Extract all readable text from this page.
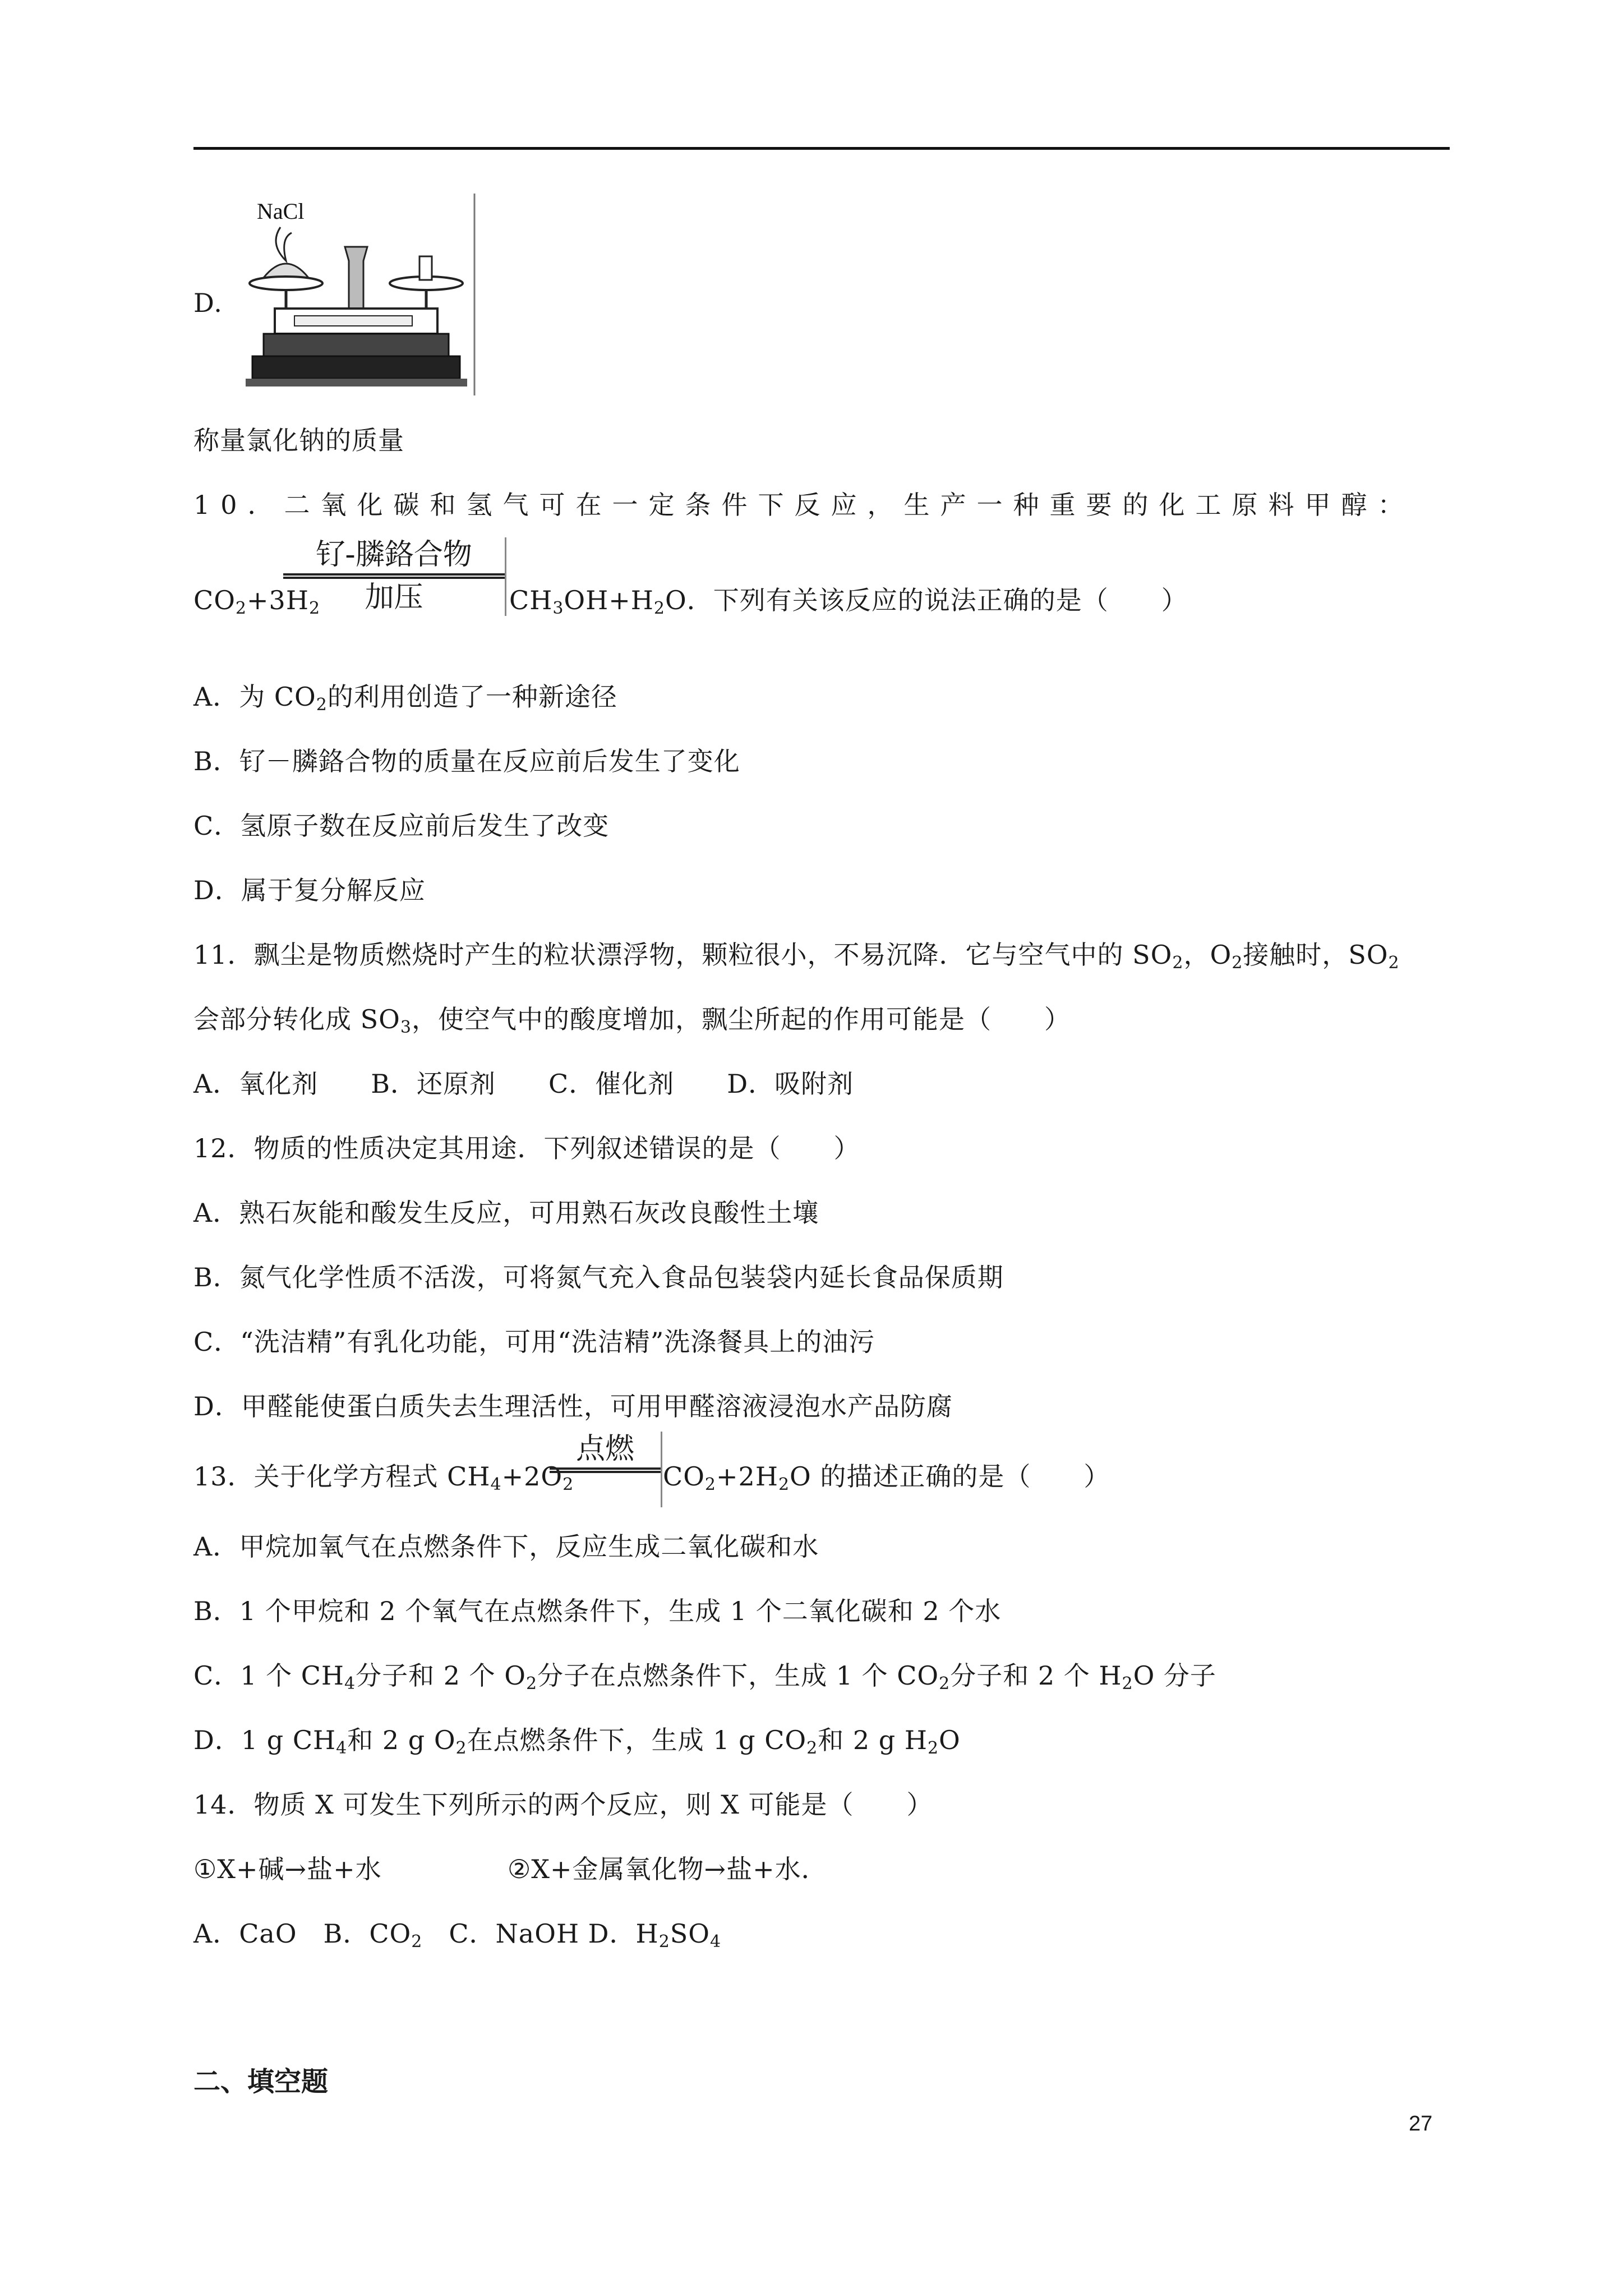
D.
NaCl
称量氯化钠的质量
10．二氧化碳和氢气可在一定条件下反应，生产一种重要的化工原料甲醇：
$CO_2+3H_2$
钌-膦鉻合物
加压	$CH_3OH+H_2O$．下列有关该反应的说法正确的是（　　）
A．为 $CO_2$的利用创造了一种新途径
B．钌－膦鉻合物的质量在反应前后发生了变化
C．氢原子数在反应前后发生了改变
D．属于复分解反应
11．飘尘是物质燃烧时产生的粒状漂浮物，颗粒很小，不易沉降．它与空气中的 $SO_2$，$O_2$接触时，$SO_2$
会部分转化成 $SO_3$，使空气中的酸度增加，飘尘所起的作用可能是（　　）
A．氧化剂　　B．还原剂　　C．催化剂　　D．吸附剂
12．物质的性质决定其用途．下列叙述错误的是（　　）
A．熟石灰能和酸发生反应，可用熟石灰改良酸性土壤
B．氮气化学性质不活泼，可将氮气充入食品包装袋内延长食品保质期
C．“洗洁精”有乳化功能，可用“洗洁精”洗涤餐具上的油污
D．甲醛能使蛋白质失去生理活性，可用甲醛溶液浸泡水产品防腐
13．关于化学方程式 $CH_4+2O_2$
点燃
$CO_2+2H_2O$ 的描述正确的是（　　）
A．甲烷加氧气在点燃条件下，反应生成二氧化碳和水
B．1 个甲烷和 2 个氧气在点燃条件下，生成 1 个二氧化碳和 2 个水
C．1 个 $CH_4$分子和 2 个 $O_2$分子在点燃条件下，生成 1 个 $CO_2$分子和 2 个 $H_2O$ 分子
D．1 g $CH_4$和 2 g $O_2$在点燃条件下，生成 1 g $CO_2$和 2 g $H_2O$
14．物质 X 可发生下列所示的两个反应，则 X 可能是（　　）
①X+碱→盐+水	②X+金属氧化物→盐+水．
A．CaO　B．$CO_2$　C．NaOH D．$H_2SO_4$
二、填空题
27
